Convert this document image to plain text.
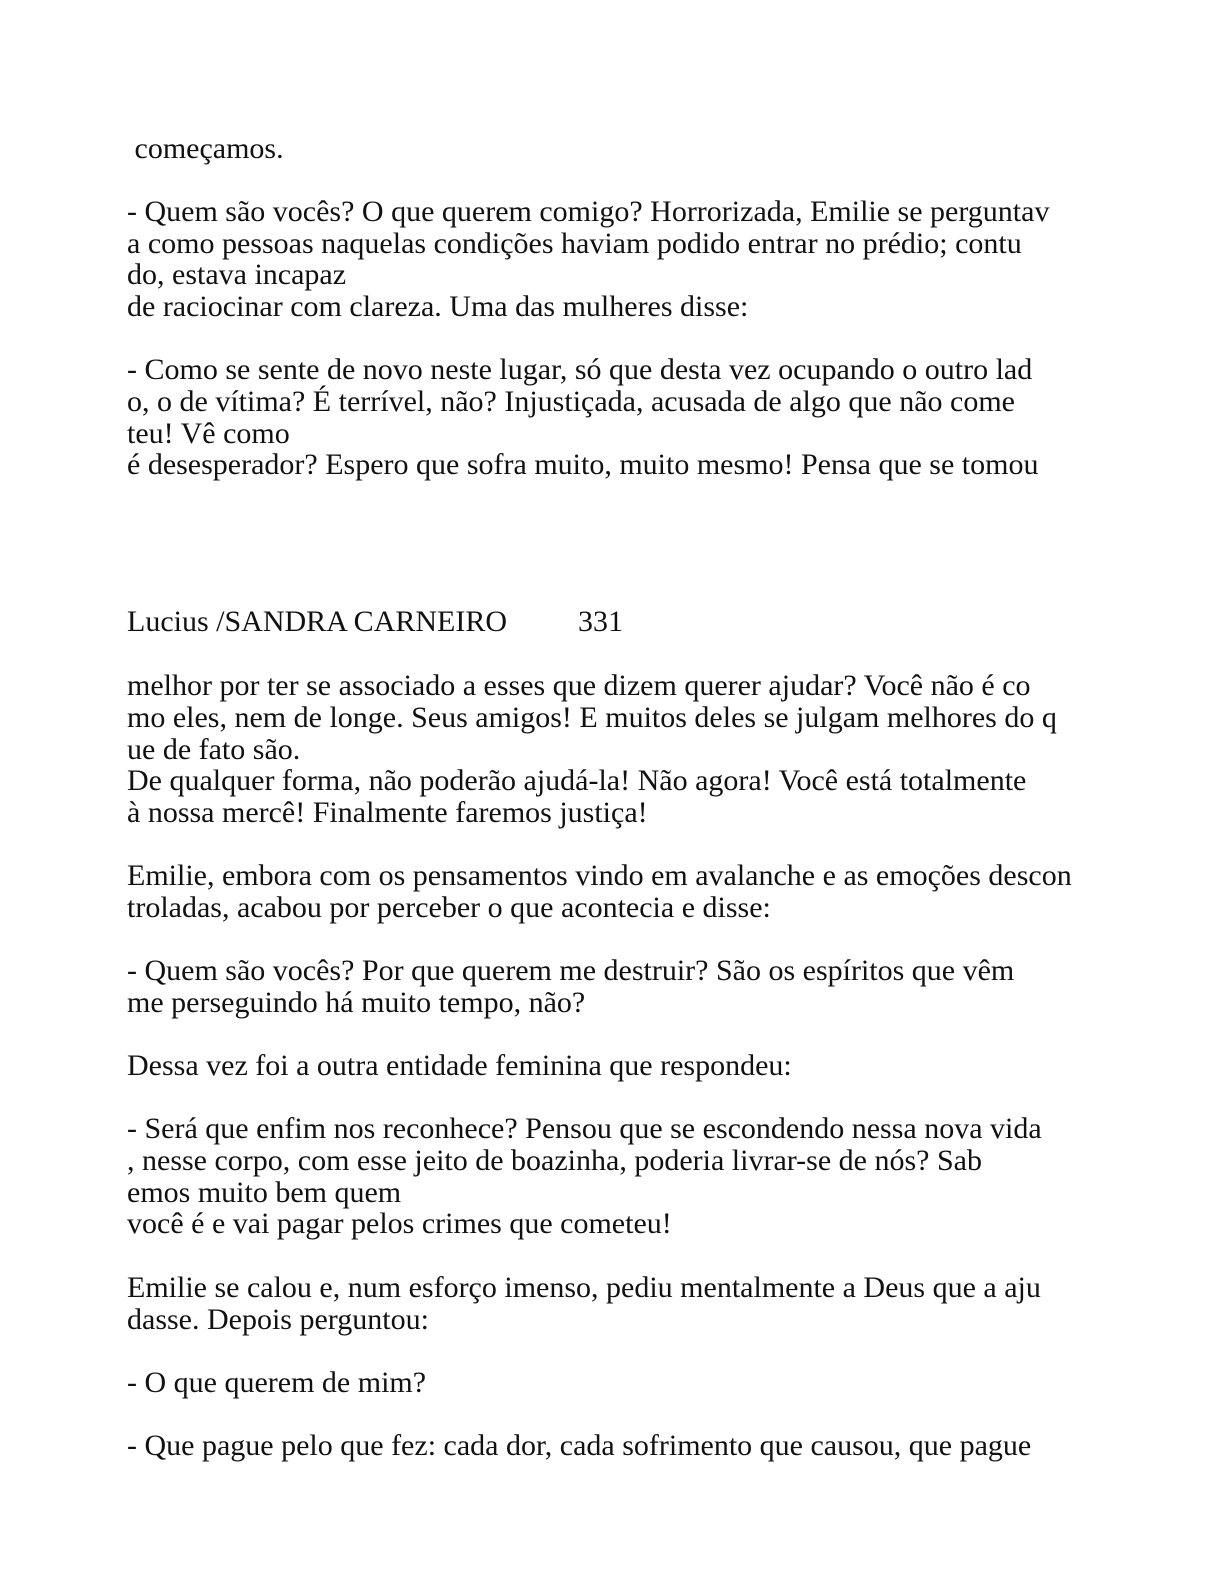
começamos.
- Quem são vocês? O que querem comigo? Horrorizada, Emilie se perguntav
a como pessoas naquelas condições haviam podido entrar no prédio; contu
do, estava incapaz
de raciocinar com clareza. Uma das mulheres disse:
- Como se sente de novo neste lugar, só que desta vez ocupando o outro lad
o, o de vítima? É terrível, não? Injustiçada, acusada de algo que não come
teu! Vê como
é desesperador? Espero que sofra muito, muito mesmo! Pensa que se tomou
Lucius /SANDRA CARNEIRO 331
melhor por ter se associado a esses que dizem querer ajudar? Você não é co
mo eles, nem de longe. Seus amigos! E muitos deles se julgam melhores do q
ue de fato são.
De qualquer forma, não poderão ajudá-la! Não agora! Você está totalmente
à nossa mercê! Finalmente faremos justiça!
Emilie, embora com os pensamentos vindo em avalanche e as emoções descon
troladas, acabou por perceber o que acontecia e disse:
- Quem são vocês? Por que querem me destruir? São os espíritos que vêm
me perseguindo há muito tempo, não?
Dessa vez foi a outra entidade feminina que respondeu:
- Será que enfim nos reconhece? Pensou que se escondendo nessa nova vida
, nesse corpo, com esse jeito de boazinha, poderia livrar-se de nós? Sab
emos muito bem quem
você é e vai pagar pelos crimes que cometeu!
Emilie se calou e, num esforço imenso, pediu mentalmente a Deus que a aju
dasse. Depois perguntou:
- O que querem de mim?
- Que pague pelo que fez: cada dor, cada sofrimento que causou, que pague
